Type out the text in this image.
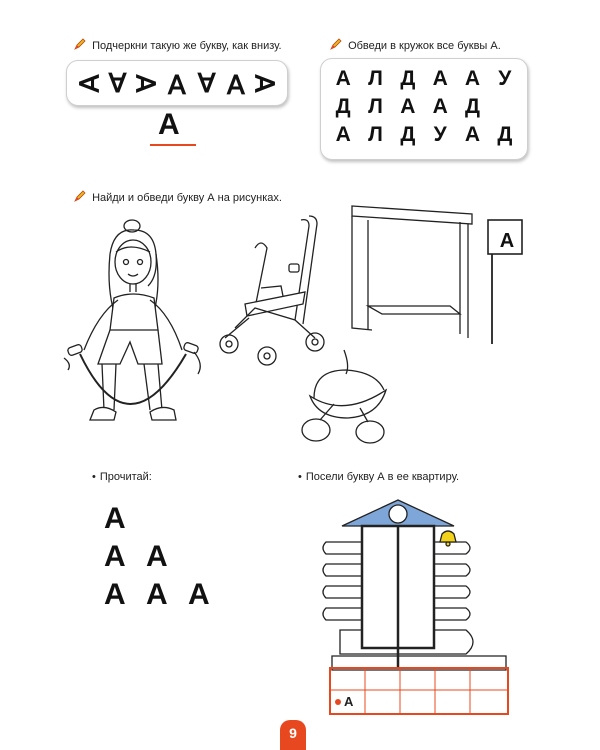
Подчеркни такую же букву, как внизу.
∀ ∀ ∀ ∀ ∀ ∀ ∀
А
Обведи в кружок все буквы А.
А Л Д А А У
Д Л А А Д
А Л Д У А Д
Найди и обведи букву А на рисунках.
А
• Прочитай:
А
А А
А А А
• Посели букву А в ее квартиру.
А
9
